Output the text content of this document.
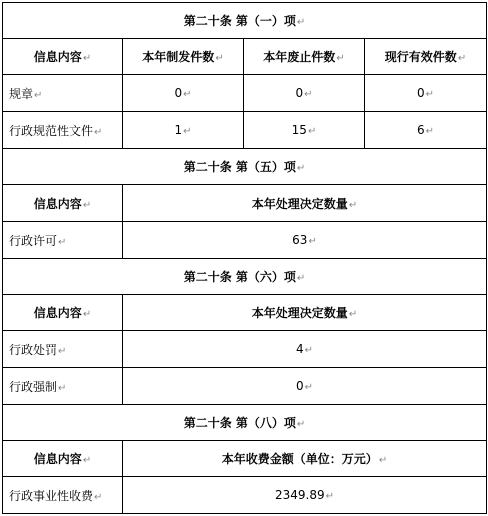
第二十条 第（一）项↵			
信息内容↵	本年制发件数↵	本年废止件数↵	现行有效件数↵
规章↵	0↵	0↵	0↵
行政规范性文件↵	1↵	15↵	6↵
第二十条 第（五）项↵			
信息内容↵	本年处理决定数量↵		
行政许可↵	63↵		
第二十条 第（六）项↵			
信息内容↵	本年处理决定数量↵		
行政处罚↵	4↵		
行政强制↵	0↵		
第二十条 第（八）项↵			
信息内容↵	本年收费金额（单位：万元）↵		
行政事业性收费↵	2349.89↵		
